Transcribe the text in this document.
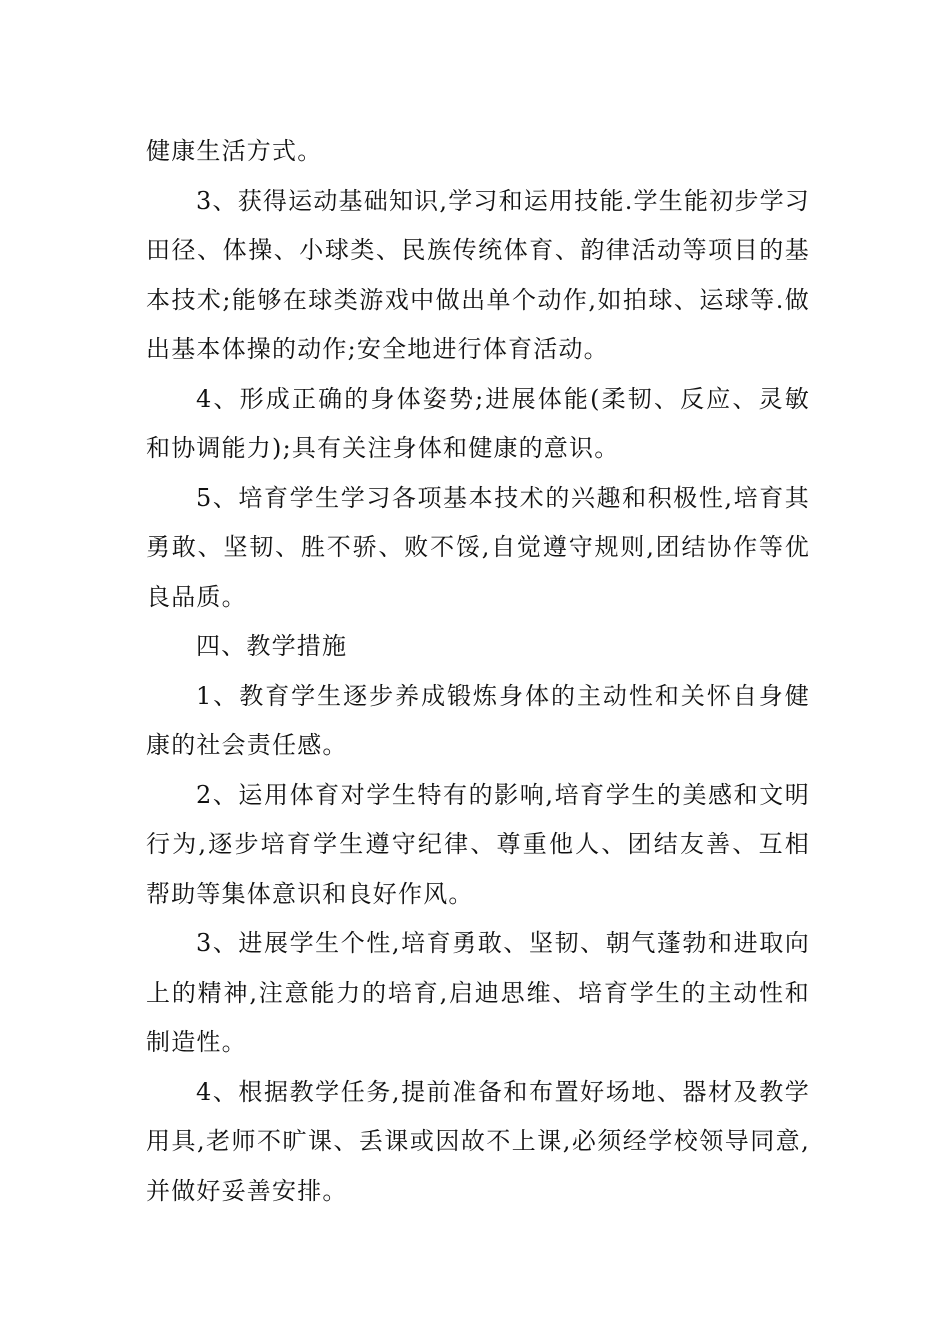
健康生活方式。

3、获得运动基础知识,学习和运用技能.学生能初步学习田径、体操、小球类、民族传统体育、韵律活动等项目的基本技术;能够在球类游戏中做出单个动作,如拍球、运球等.做出基本体操的动作;安全地进行体育活动。

4、形成正确的身体姿势;进展体能(柔韧、反应、灵敏和协调能力);具有关注身体和健康的意识。

5、培育学生学习各项基本技术的兴趣和积极性,培育其勇敢、坚韧、胜不骄、败不馁,自觉遵守规则,团结协作等优良品质。

四、教学措施

1、教育学生逐步养成锻炼身体的主动性和关怀自身健康的社会责任感。

2、运用体育对学生特有的影响,培育学生的美感和文明行为,逐步培育学生遵守纪律、尊重他人、团结友善、互相帮助等集体意识和良好作风。

3、进展学生个性,培育勇敢、坚韧、朝气蓬勃和进取向上的精神,注意能力的培育,启迪思维、培育学生的主动性和制造性。

4、根据教学任务,提前准备和布置好场地、器材及教学用具,老师不旷课、丢课或因故不上课,必须经学校领导同意,并做好妥善安排。
